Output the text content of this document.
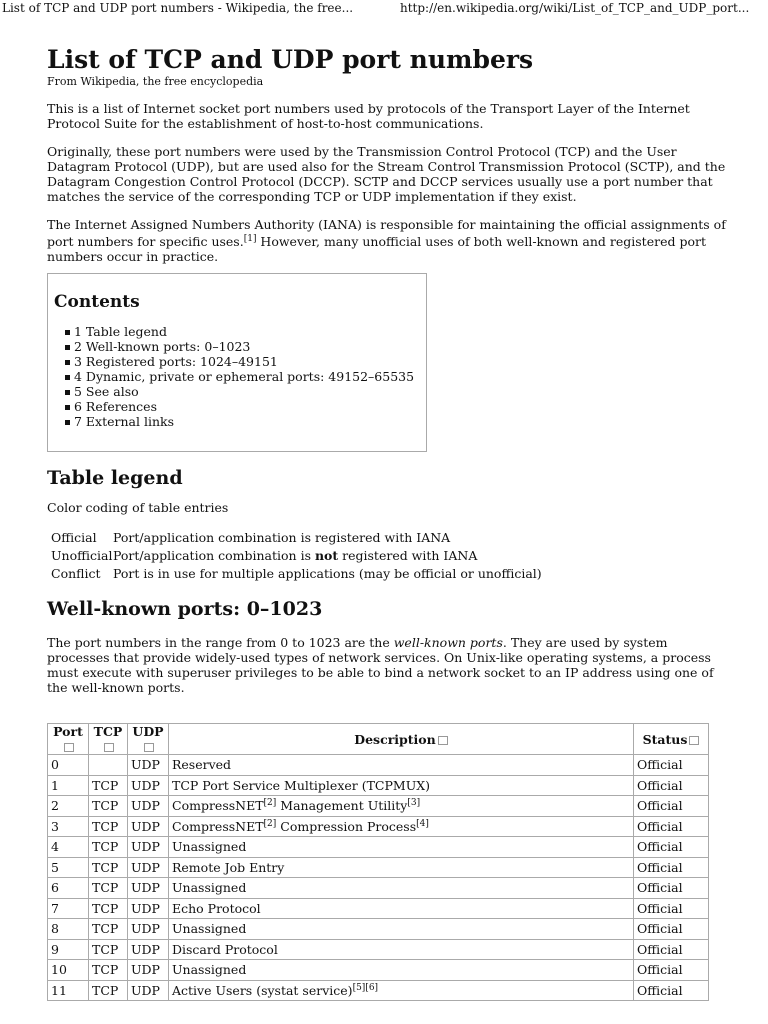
List of TCP and UDP port numbers - Wikipedia, the free...	http://en.wikipedia.org/wiki/List_of_TCP_and_UDP_port...
List of TCP and UDP port numbers
From Wikipedia, the free encyclopedia

This is a list of Internet socket port numbers used by protocols of the Transport Layer of the Internet Protocol Suite for the establishment of host-to-host communications.

Originally, these port numbers were used by the Transmission Control Protocol (TCP) and the User Datagram Protocol (UDP), but are used also for the Stream Control Transmission Protocol (SCTP), and the Datagram Congestion Control Protocol (DCCP). SCTP and DCCP services usually use a port number that matches the service of the corresponding TCP or UDP implementation if they exist.

The Internet Assigned Numbers Authority (IANA) is responsible for maintaining the official assignments of port numbers for specific uses.[1] However, many unofficial uses of both well-known and registered port numbers occur in practice.

Contents
1 Table legend
2 Well-known ports: 0–1023
3 Registered ports: 1024–49151
4 Dynamic, private or ephemeral ports: 49152–65535
5 See also
6 References
7 External links
Table legend

Color coding of table entries

Official	Port/application combination is registered with IANA
Unofficial Port/application combination is not registered with IANA
Conflict	Port is in use for multiple applications (may be official or unofficial)
Well-known ports: 0–1023

The port numbers in the range from 0 to 1023 are the well-known ports. They are used by system processes that provide widely-used types of network services. On Unix-like operating systems, a process must execute with superuser privileges to be able to bind a network socket to an IP address using one of the well-known ports.

Port	TCP	UDP	Description	Status
0		UDP	Reserved	Official
1	TCP	UDP	TCP Port Service Multiplexer (TCPMUX)	Official
2	TCP	UDP	CompressNET[2] Management Utility[3]	Official
3	TCP	UDP	CompressNET[2] Compression Process[4]	Official
4	TCP	UDP	Unassigned	Official
5	TCP	UDP	Remote Job Entry	Official
6	TCP	UDP	Unassigned	Official
7	TCP	UDP	Echo Protocol	Official
8	TCP	UDP	Unassigned	Official
9	TCP	UDP	Discard Protocol	Official
10	TCP	UDP	Unassigned	Official
11	TCP	UDP	Active Users (systat service)[5][6]	Official
